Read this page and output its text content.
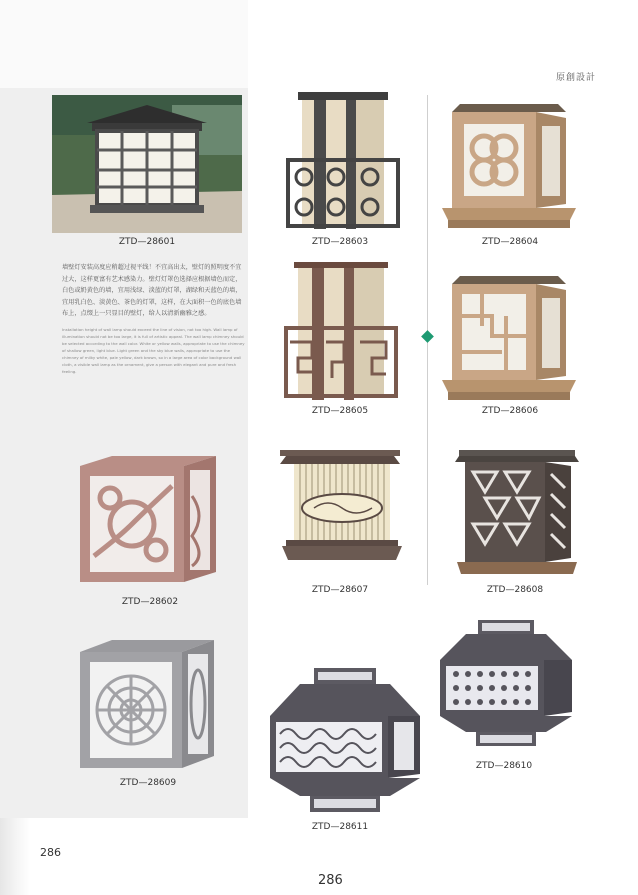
原創設計
ZTD—28601
墙壁灯安装高度应稍超过视平线！不宜高出太，壁灯的照明度不宜过大，这样更富有艺术感染力。壁灯灯罩色选择应根据墙色而定，白色或奶黄色的墙，宜用浅绿、淡蓝的灯罩，湖绿和天蓝色的墙，宜用乳白色、淡黄色、茶色的灯罩，这样，在大面积一色的底色墙布上，点缀上一只显目的壁灯，给人以清新幽雅之感。
Installation height of wall lamp should exceed the line of vision, not too high. Wall lamp of illumination should not be too large, it is full of artistic appeal. The wall lamp chimney should be selected according to the wall color. White or yellow walls, appropriate to use the chimney of shallow green, light blue. Light green and the sky blue walls, appropriate to use the chimney of milky white, pale yellow, dark brown, so in a large area of color background wall cloth, a visible wall lamp as the ornament, give a person with elegant and pure and fresh feeling.
ZTD—28603	ZTD—28604
ZTD—28605	ZTD—28606
ZTD—28602
ZTD—28607	ZTD—28608
ZTD—28609
ZTD—28610
ZTD—28611
286
286
